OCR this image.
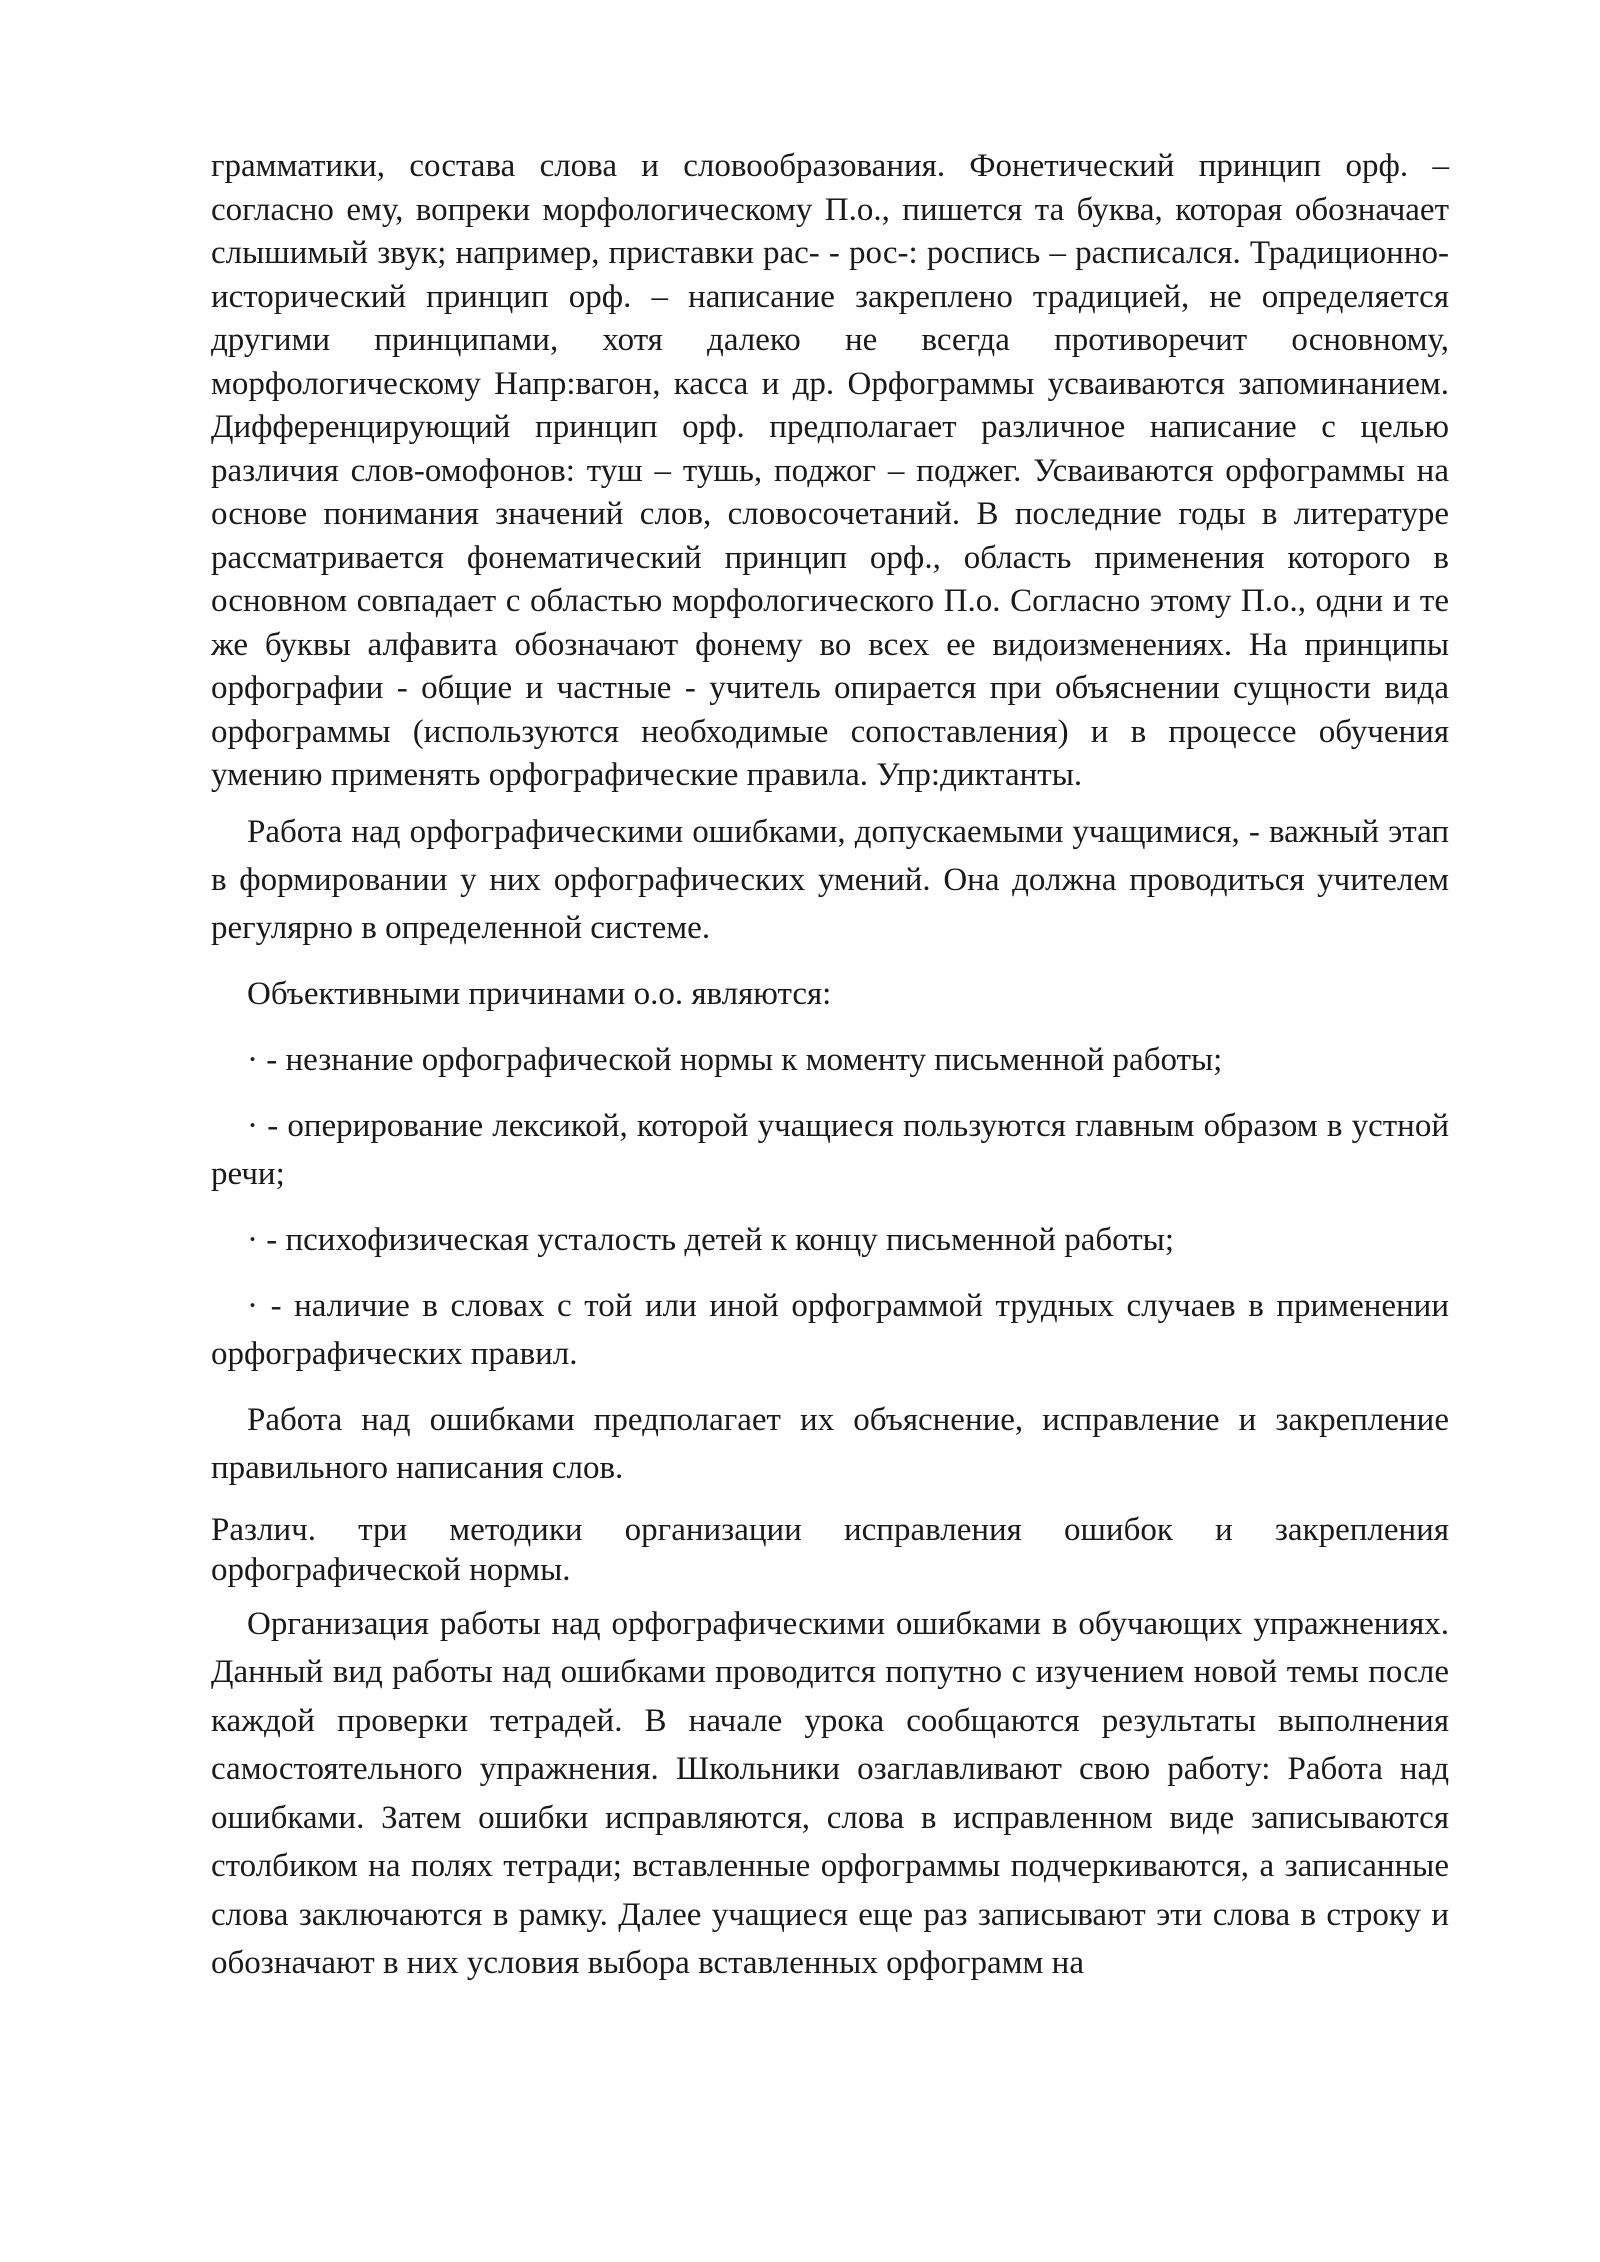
грамматики, состава слова и словообразования. Фонетический принцип орф. – согласно ему, вопреки морфологическому П.о., пишется та буква, которая обозначает слышимый звук; например, приставки рас- - рос-: роспись – расписался. Традиционно-исторический принцип орф. – написание закреплено традицией, не определяется другими принципами, хотя далеко не всегда противоречит основному, морфологическому Напр:вагон, касса и др. Орфограммы усваиваются запоминанием. Дифференцирующий принцип орф. предполагает различное написание с целью различия слов-омофонов: туш – тушь, поджог – поджег. Усваиваются орфограммы на основе понимания значений слов, словосочетаний. В последние годы в литературе рассматривается фонематический принцип орф., область применения которого в основном совпадает с областью морфологического П.о. Согласно этому П.о., одни и те же буквы алфавита обозначают фонему во всех ее видоизменениях. На принципы орфографии - общие и частные - учитель опирается при объяснении сущности вида орфограммы (используются необходимые сопоставления) и в процессе обучения умению применять орфографические правила. Упр:диктанты.

Работа над орфографическими ошибками, допускаемыми учащимися, - важный этап в формировании у них орфографических умений. Она должна проводиться учителем регулярно в определенной системе.

Объективными причинами о.о. являются:

· - незнание орфографической нормы к моменту письменной работы;

· - оперирование лексикой, которой учащиеся пользуются главным образом в устной речи;

· - психофизическая усталость детей к концу письменной работы;

· - наличие в словах с той или иной орфограммой трудных случаев в применении орфографических правил.

Работа над ошибками предполагает их объяснение, исправление и закрепление правильного написания слов.

Различ. три методики организации исправления ошибок и закрепления орфографической нормы.

Организация работы над орфографическими ошибками в обучающих упражнениях. Данный вид работы над ошибками проводится попутно с изучением новой темы после каждой проверки тетрадей. В начале урока сообщаются результаты выполнения самостоятельного упражнения. Школьники озаглавливают свою работу: Работа над ошибками. Затем ошибки исправляются, слова в исправленном виде записываются столбиком на полях тетради; вставленные орфограммы подчеркиваются, а записанные слова заключаются в рамку. Далее учащиеся еще раз записывают эти слова в строку и обозначают в них условия выбора вставленных орфограмм на
